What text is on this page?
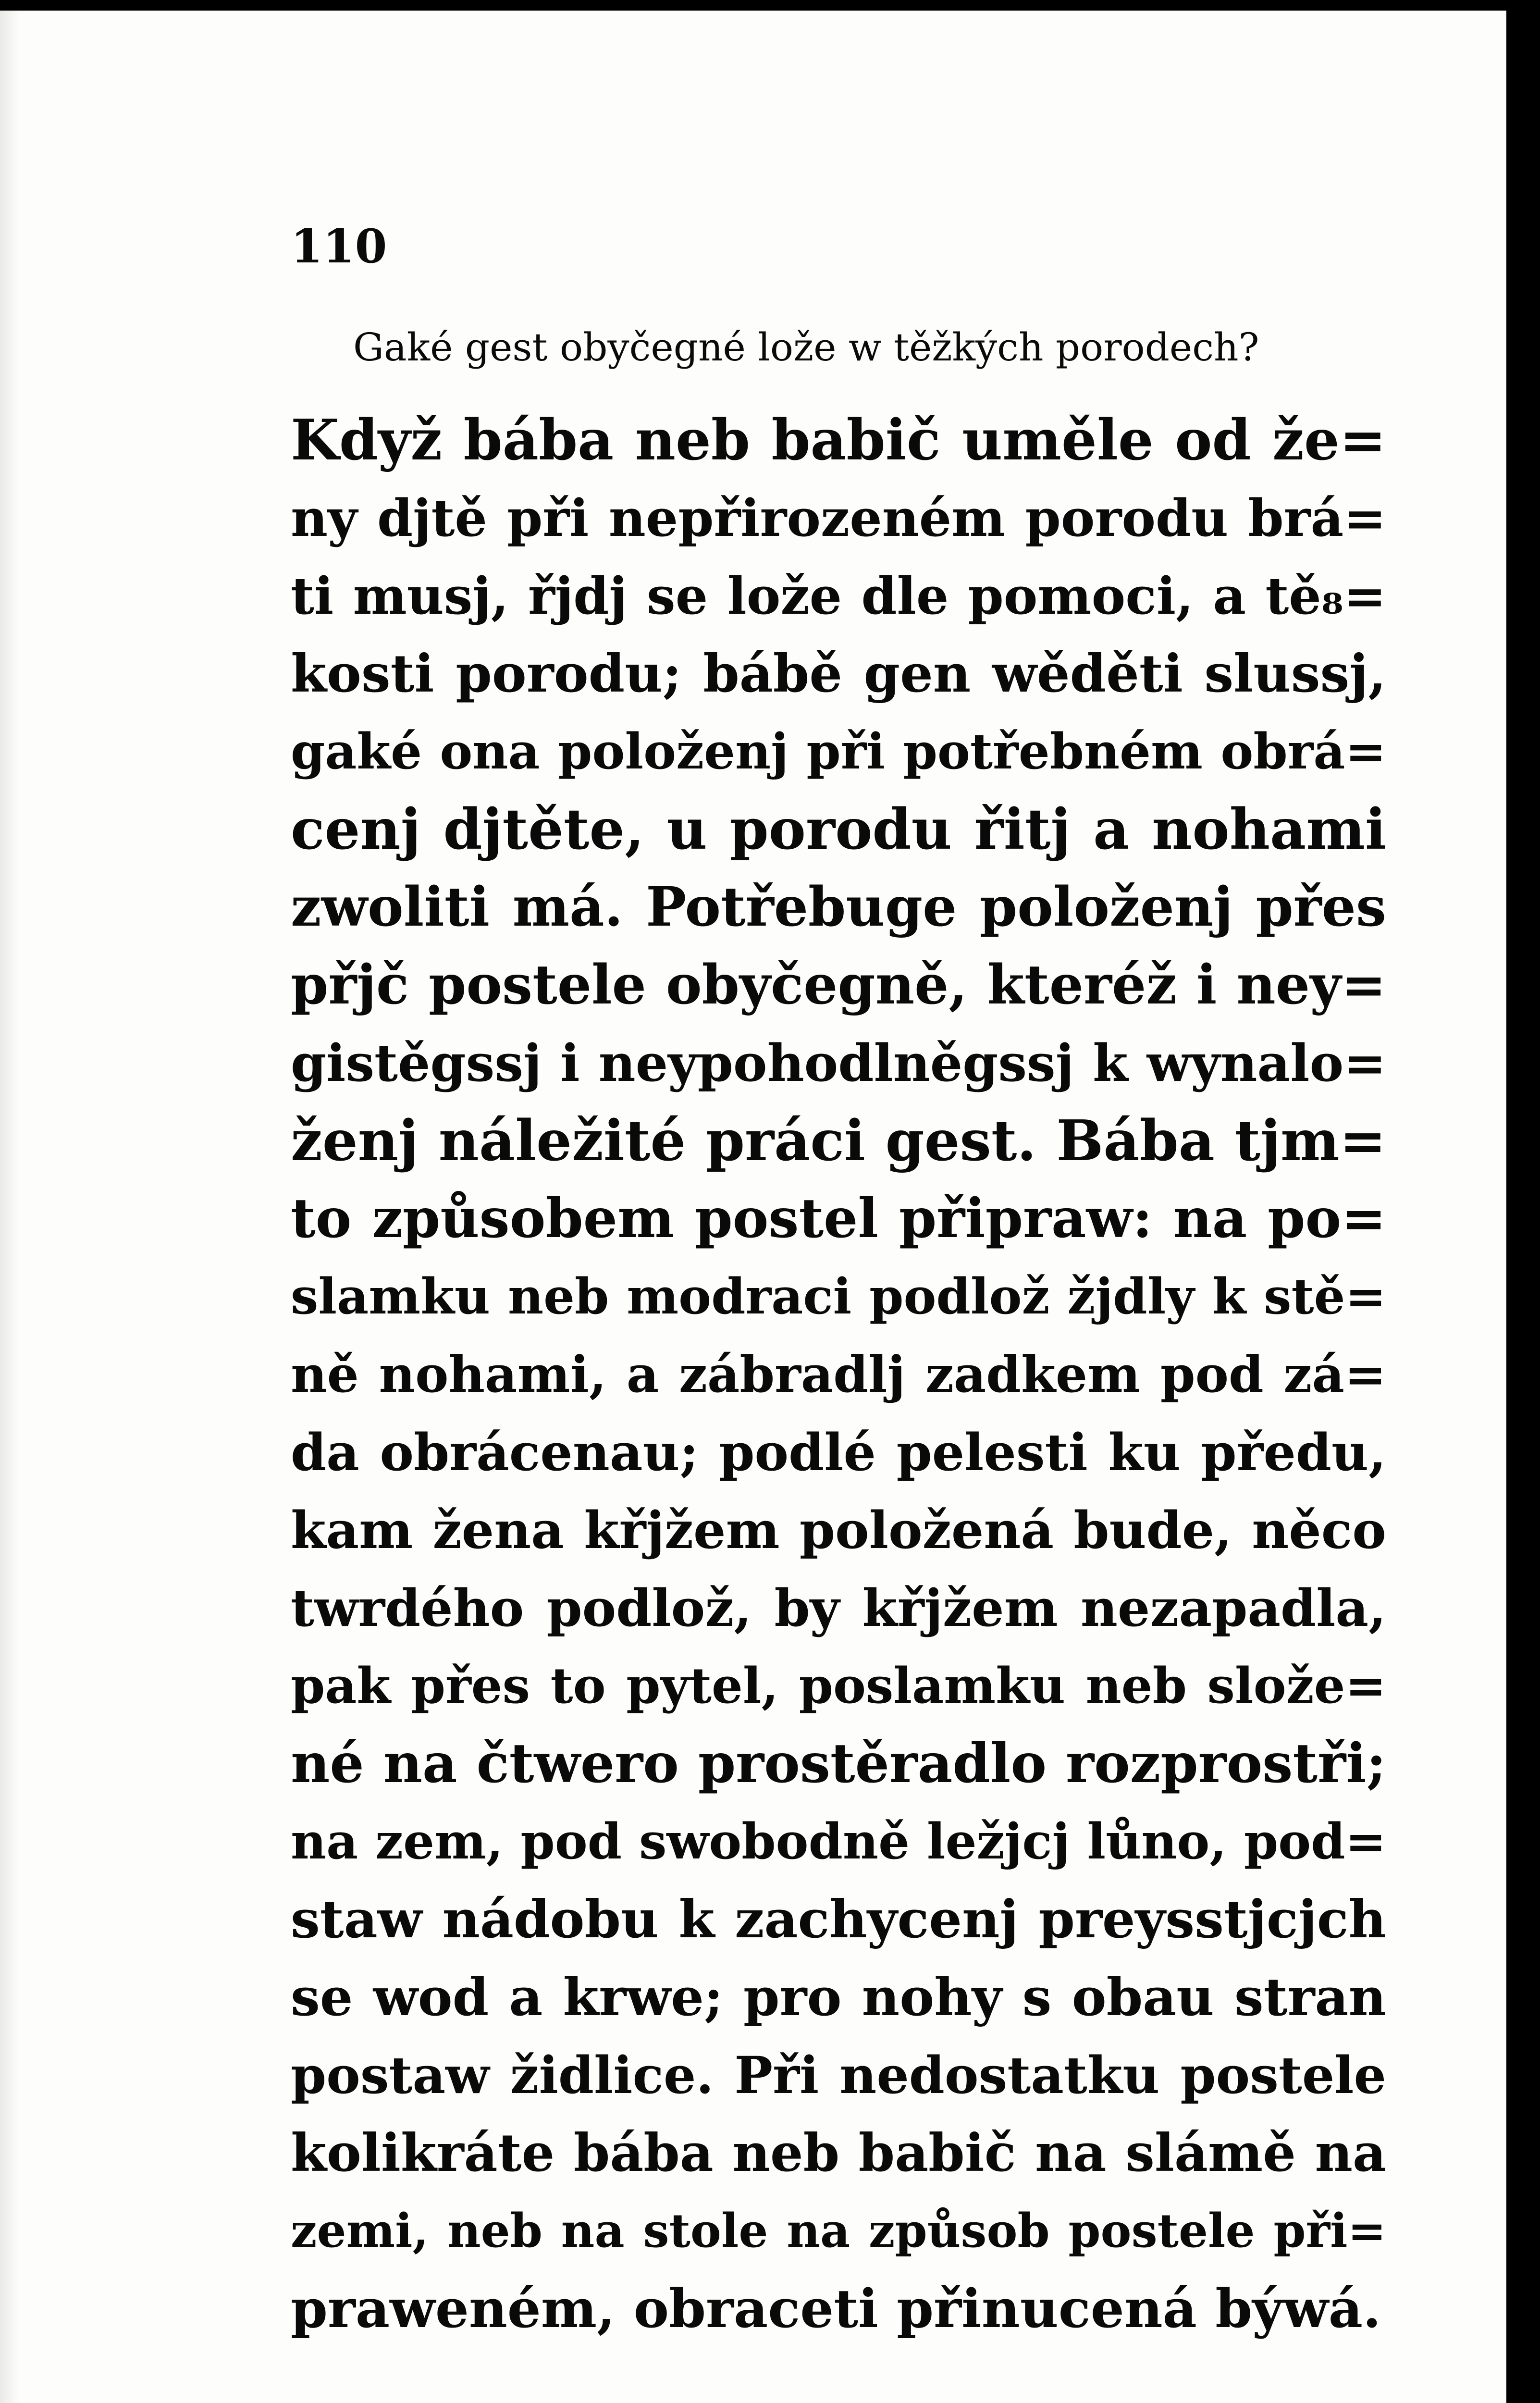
110
Gaké gest obyčegné lože w těžkých porodech?
Když bába neb babič uměle od že=
ny djtě při nepřirozeném porodu brá=
ti musj, řjdj se lože dle pomoci, a tě₈=
kosti porodu; bábě gen wěděti slussj,
gaké ona položenj při potřebném obrá=
cenj djtěte, u porodu řitj a nohami
zwoliti má. Potřebuge položenj přes
přjč postele obyčegně, kteréž i ney=
gistěgssj i neypohodlněgssj k wynalo=
ženj náležité práci gest. Bába tjm=
to způsobem postel připraw: na po=
slamku neb modraci podlož žjdly k stě=
ně nohami, a zábradlj zadkem pod zá=
da obrácenau; podlé pelesti ku předu,
kam žena křjžem položená bude, něco
twrdého podlož, by křjžem nezapadla,
pak přes to pytel, poslamku neb slože=
né na čtwero prostěradlo rozprostři;
na zem, pod swobodně ležjcj lůno, pod=
staw nádobu k zachycenj preysstjcjch
se wod a krwe; pro nohy s obau stran
postaw židlice. Při nedostatku postele
kolikráte bába neb babič na slámě na
zemi, neb na stole na způsob postele při=
praweném, obraceti přinucená býwá.
